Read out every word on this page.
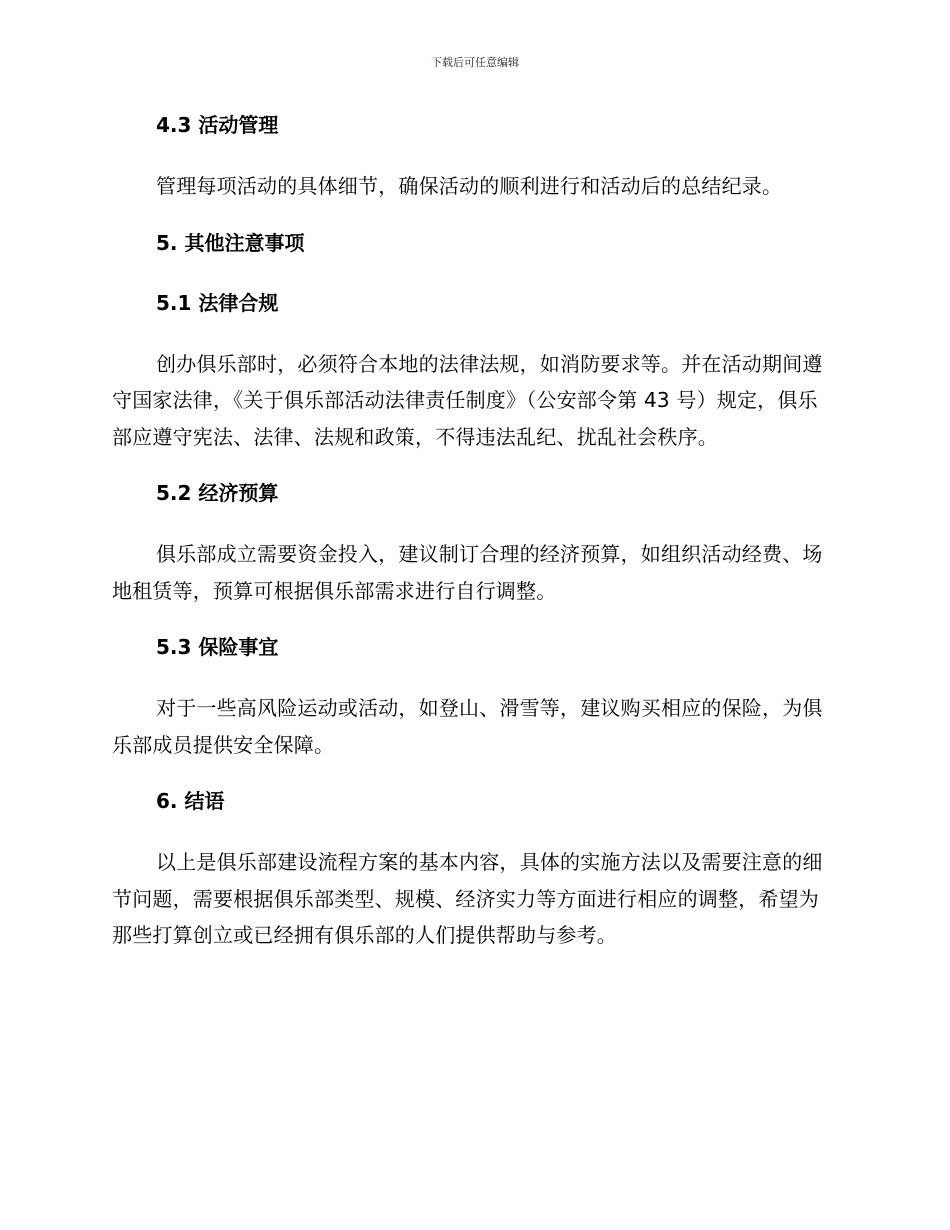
下载后可任意编辑
4.3 活动管理
管理每项活动的具体细节，确保活动的顺利进行和活动后的总结纪录。
5. 其他注意事项
5.1 法律合规
创办俱乐部时，必须符合本地的法律法规，如消防要求等。并在活动期间遵守国家法律，《关于俱乐部活动法律责任制度》（公安部令第 43 号）规定，俱乐部应遵守宪法、法律、法规和政策，不得违法乱纪、扰乱社会秩序。
5.2 经济预算
俱乐部成立需要资金投入，建议制订合理的经济预算，如组织活动经费、场地租赁等，预算可根据俱乐部需求进行自行调整。
5.3 保险事宜
对于一些高风险运动或活动，如登山、滑雪等，建议购买相应的保险，为俱乐部成员提供安全保障。
6. 结语
以上是俱乐部建设流程方案的基本内容，具体的实施方法以及需要注意的细节问题，需要根据俱乐部类型、规模、经济实力等方面进行相应的调整，希望为那些打算创立或已经拥有俱乐部的人们提供帮助与参考。
